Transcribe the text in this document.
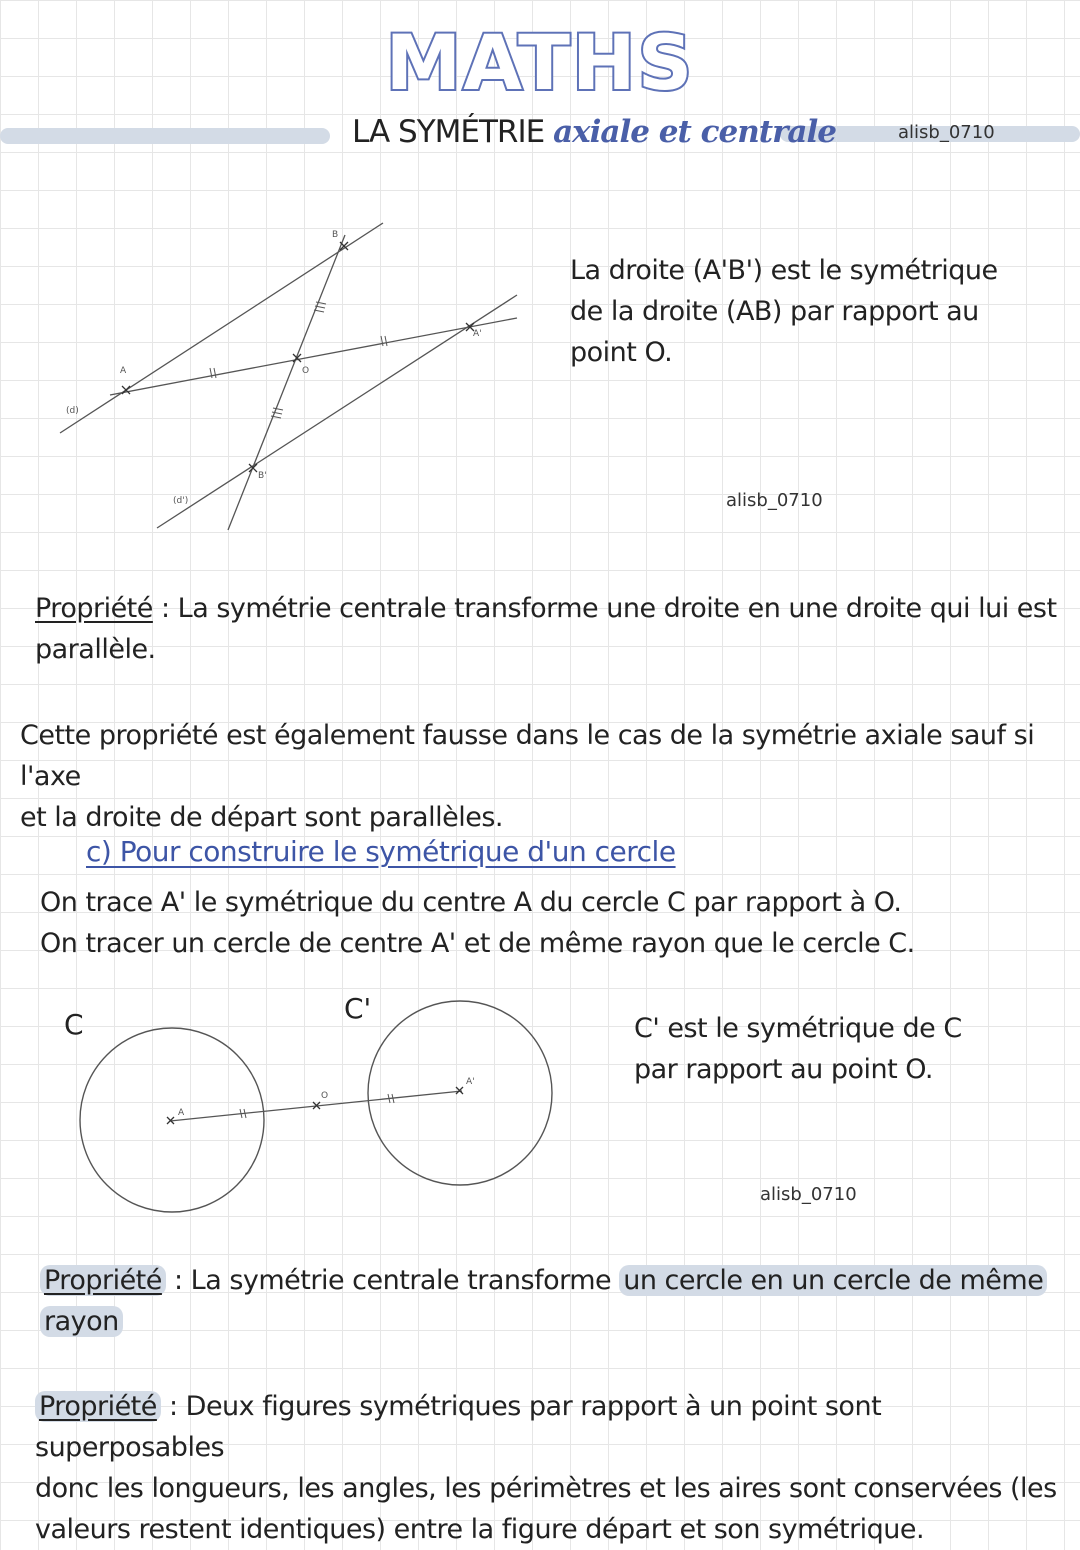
MATHS
LA SYMÉTRIE axiale et centrale	alisb_0710
B
A	O
A'
B'
(d)
(d')
La droite (A'B') est le symétrique
de la droite (AB) par rapport au
point O.
alisb_0710
Propriété : La symétrie centrale transforme une droite en une droite qui lui est
parallèle.
Cette propriété est également fausse dans le cas de la symétrie axiale sauf si l'axe
et la droite de départ sont parallèles.
c) Pour construire le symétrique d'un cercle
On trace A' le symétrique du centre A du cercle C par rapport à O.
On tracer un cercle de centre A' et de même rayon que le cercle C.
C	C'
A
O
A'
C' est le symétrique de C
par rapport au point O.
alisb_0710
Propriété : La symétrie centrale transforme un cercle en un cercle de même
rayon
Propriété : Deux figures symétriques par rapport à un point sont superposables
donc les longueurs, les angles, les périmètres et les aires sont conservées (les
valeurs restent identiques) entre la figure départ et son symétrique.
